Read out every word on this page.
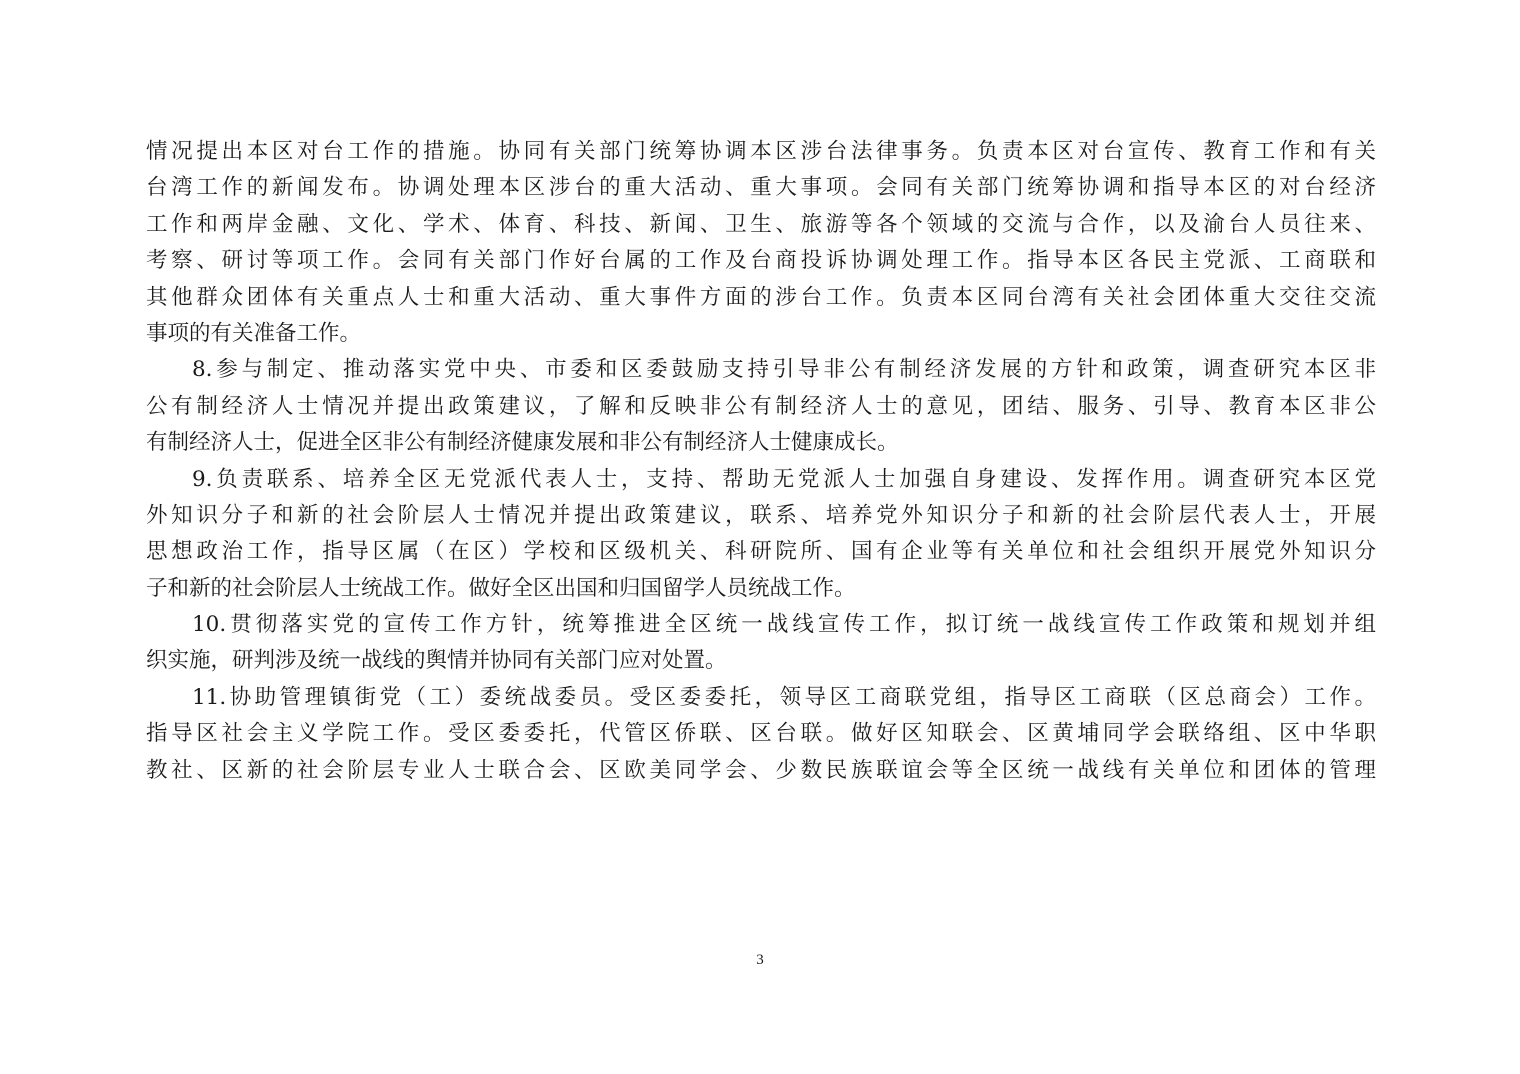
情况提出本区对台工作的措施。协同有关部门统筹协调本区涉台法律事务。负责本区对台宣传、教育工作和有关
台湾工作的新闻发布。协调处理本区涉台的重大活动、重大事项。会同有关部门统筹协调和指导本区的对台经济
工作和两岸金融、文化、学术、体育、科技、新闻、卫生、旅游等各个领域的交流与合作，以及渝台人员往来、
考察、研讨等项工作。会同有关部门作好台属的工作及台商投诉协调处理工作。指导本区各民主党派、工商联和
其他群众团体有关重点人士和重大活动、重大事件方面的涉台工作。负责本区同台湾有关社会团体重大交往交流
事项的有关准备工作。
8.参与制定、推动落实党中央、市委和区委鼓励支持引导非公有制经济发展的方针和政策，调查研究本区非
公有制经济人士情况并提出政策建议，了解和反映非公有制经济人士的意见，团结、服务、引导、教育本区非公
有制经济人士，促进全区非公有制经济健康发展和非公有制经济人士健康成长。
9.负责联系、培养全区无党派代表人士，支持、帮助无党派人士加强自身建设、发挥作用。调查研究本区党
外知识分子和新的社会阶层人士情况并提出政策建议，联系、培养党外知识分子和新的社会阶层代表人士，开展
思想政治工作，指导区属（在区）学校和区级机关、科研院所、国有企业等有关单位和社会组织开展党外知识分
子和新的社会阶层人士统战工作。做好全区出国和归国留学人员统战工作。
10.贯彻落实党的宣传工作方针，统筹推进全区统一战线宣传工作，拟订统一战线宣传工作政策和规划并组
织实施，研判涉及统一战线的舆情并协同有关部门应对处置。
11.协助管理镇街党（工）委统战委员。受区委委托，领导区工商联党组，指导区工商联（区总商会）工作。
指导区社会主义学院工作。受区委委托，代管区侨联、区台联。做好区知联会、区黄埔同学会联络组、区中华职
教社、区新的社会阶层专业人士联合会、区欧美同学会、少数民族联谊会等全区统一战线有关单位和团体的管理
3
